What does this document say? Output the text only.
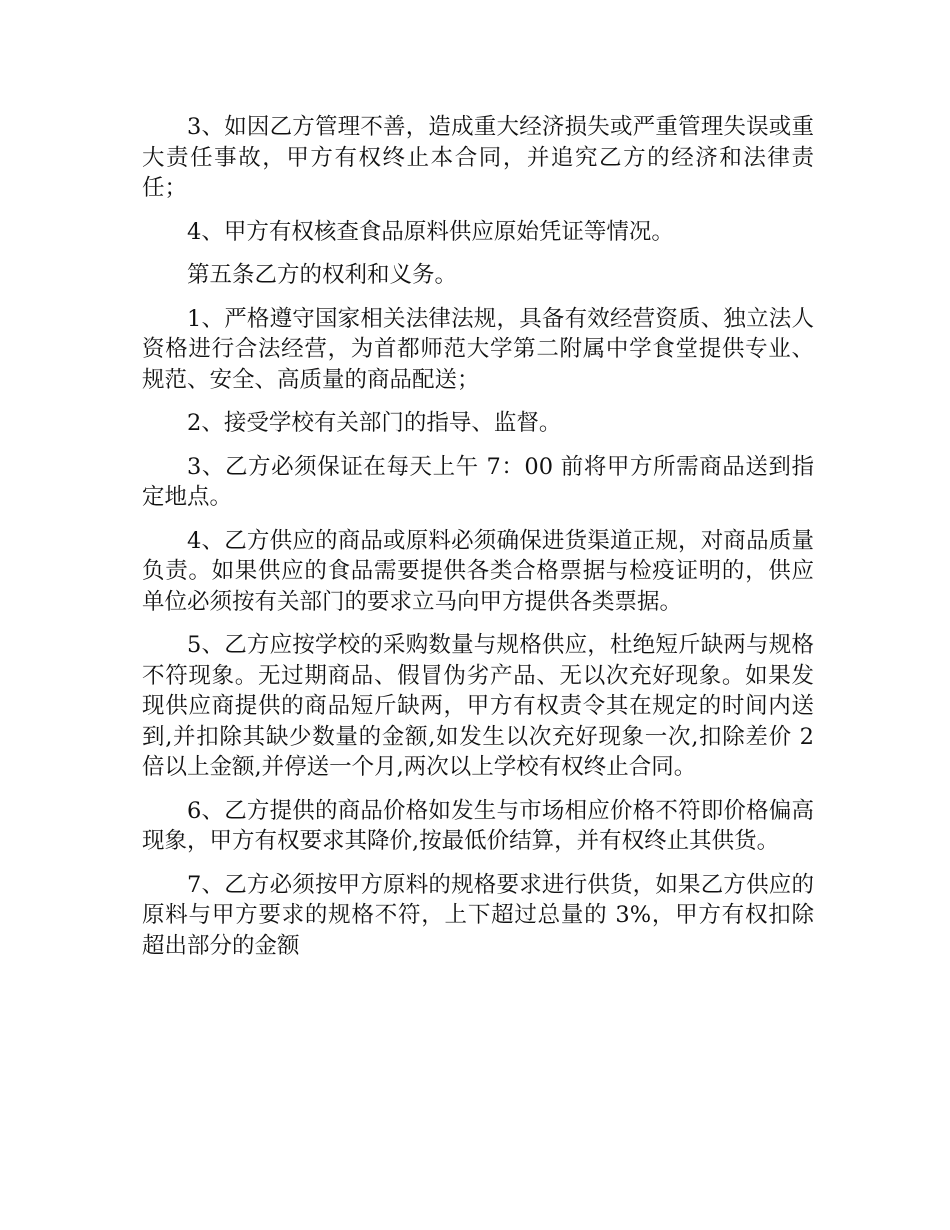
3、如因乙方管理不善，造成重大经济损失或严重管理失误或重大责任事故，甲方有权终止本合同，并追究乙方的经济和法律责任；

4、甲方有权核查食品原料供应原始凭证等情况。

第五条乙方的权利和义务。

1、严格遵守国家相关法律法规，具备有效经营资质、独立法人资格进行合法经营，为首都师范大学第二附属中学食堂提供专业、规范、安全、高质量的商品配送；

2、接受学校有关部门的指导、监督。

3、乙方必须保证在每天上午 7：00 前将甲方所需商品送到指定地点。

4、乙方供应的商品或原料必须确保进货渠道正规，对商品质量负责。如果供应的食品需要提供各类合格票据与检疫证明的，供应单位必须按有关部门的要求立马向甲方提供各类票据。

5、乙方应按学校的采购数量与规格供应，杜绝短斤缺两与规格不符现象。无过期商品、假冒伪劣产品、无以次充好现象。如果发现供应商提供的商品短斤缺两，甲方有权责令其在规定的时间内送到,并扣除其缺少数量的金额,如发生以次充好现象一次,扣除差价 2 倍以上金额,并停送一个月,两次以上学校有权终止合同。

6、乙方提供的商品价格如发生与市场相应价格不符即价格偏高现象，甲方有权要求其降价,按最低价结算，并有权终止其供货。

7、乙方必须按甲方原料的规格要求进行供货，如果乙方供应的原料与甲方要求的规格不符，上下超过总量的 3%，甲方有权扣除超出部分的金额
